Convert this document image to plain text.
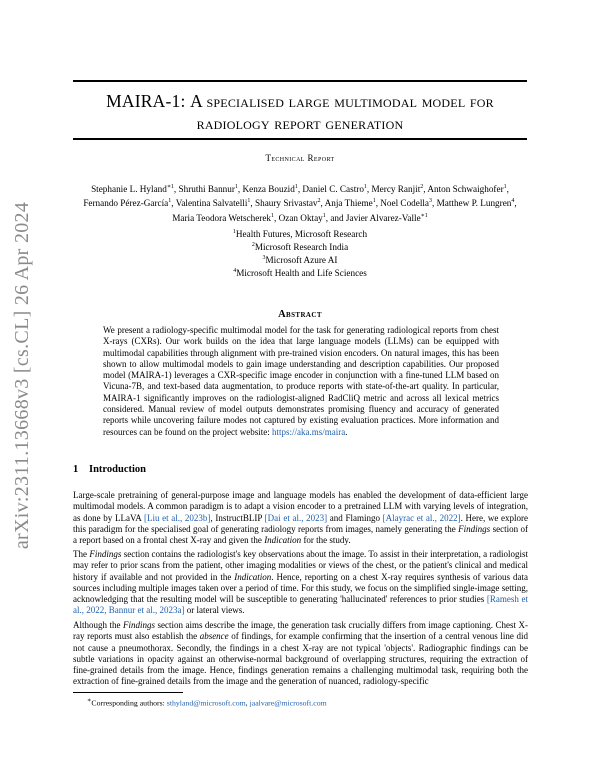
arXiv:2311.13668v3 [cs.CL] 26 Apr 2024
MAIRA-1: A specialised large multimodal model for
radiology report generation
Technical Report
Stephanie L. Hyland$^{∗1}$, Shruthi Bannur$^1$, Kenza Bouzid$^1$, Daniel C. Castro$^1$, Mercy Ranjit$^2$, Anton Schwaighofer$^1$,
Fernando Pérez-García$^1$, Valentina Salvatelli$^1$, Shaury Srivastav$^2$, Anja Thieme$^1$, Noel Codella$^3$, Matthew P. Lungren$^4$,
Maria Teodora Wetscherek$^1$, Ozan Oktay$^1$, and Javier Alvarez-Valle$^{∗1}$
$^1$Health Futures, Microsoft Research
$^2$Microsoft Research India
$^3$Microsoft Azure AI
$^4$Microsoft Health and Life Sciences
Abstract
We present a radiology-specific multimodal model for the task for generating radiological reports from chest X-rays (CXRs). Our work builds on the idea that large language models (LLMs) can be equipped with multimodal capabilities through alignment with pre-trained vision encoders. On natural images, this has been shown to allow multimodal models to gain image understanding and description capabilities. Our proposed model (MAIRA-1) leverages a CXR-specific image encoder in conjunction with a fine-tuned LLM based on Vicuna-7B, and text-based data augmentation, to produce reports with state-of-the-art quality. In particular, MAIRA-1 significantly improves on the radiologist-aligned RadCliQ metric and across all lexical metrics considered. Manual review of model outputs demonstrates promising fluency and accuracy of generated reports while uncovering failure modes not captured by existing evaluation practices. More information and resources can be found on the project website: https://aka.ms/maira.
1 Introduction

Large-scale pretraining of general-purpose image and language models has enabled the development of data-efficient large multimodal models. A common paradigm is to adapt a vision encoder to a pretrained LLM with varying levels of integration, as done by LLaVA [Liu et al., 2023b], InstructBLIP [Dai et al., 2023] and Flamingo [Alayrac et al., 2022]. Here, we explore this paradigm for the specialised goal of generating radiology reports from images, namely generating the Findings section of a report based on a frontal chest X-ray and given the Indication for the study.

The Findings section contains the radiologist's key observations about the image. To assist in their interpretation, a radiologist may refer to prior scans from the patient, other imaging modalities or views of the chest, or the patient's clinical and medical history if available and not provided in the Indication. Hence, reporting on a chest X-ray requires synthesis of various data sources including multiple images taken over a period of time. For this study, we focus on the simplified single-image setting, acknowledging that the resulting model will be susceptible to generating 'hallucinated' references to prior studies [Ramesh et al., 2022, Bannur et al., 2023a] or lateral views.

Although the Findings section aims describe the image, the generation task crucially differs from image captioning. Chest X-ray reports must also establish the absence of findings, for example confirming that the insertion of a central venous line did not cause a pneumothorax. Secondly, the findings in a chest X-ray are not typical 'objects'. Radiographic findings can be subtle variations in opacity against an otherwise-normal background of overlapping structures, requiring the extraction of fine-grained details from the image. Hence, findings generation remains a challenging multimodal task, requiring both the extraction of fine-grained details from the image and the generation of nuanced, radiology-specific

∗Corresponding authors: sthyland@microsoft.com, jaalvare@microsoft.com
